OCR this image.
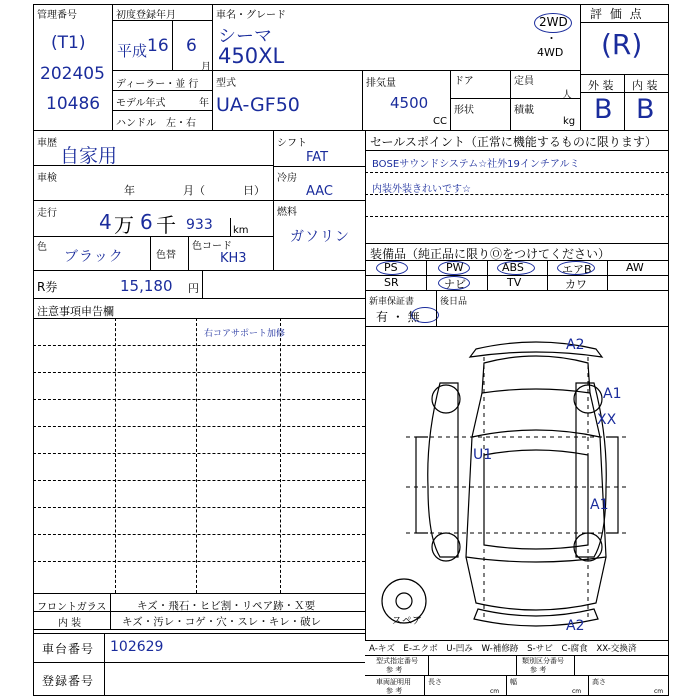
管理番号
(T1)
202405
10486
初度登録年月
平成 16 6
月
ディーラー・並 行
モデル年式	年
ハンドル　左・右
車名・グレード
シーマ
450XL
2WD
・
4WD
型式
UA-GF50
排気量
4500
CC
ドア	定員
人
形状	積載
kg
評 価 点
(R)
外 装 内 装
B B
車歴
自家用
車検
年	月（	日）
走行 4 万 6 千 933 km
色
ブラック	色替
色コード
KH3
シフト
FAT
冷房
AAC
燃料
ガソリン
R券	15,180 円
セールスポイント（正常に機能するものに限ります）
BOSEサウンドシステム☆社外19インチアルミ
内装外装きれいです☆
装備品（純正品に限りⓄをつけてください）
PS	PW	ABS	エアB	AW
SR	ナビ	TV	カワ
新車保証書
有 ・ 無
後日品
注意事項申告欄
右コアサポート加修
A2
A1
XX
U1
A1
A2
スペア
フロントガラス	キズ・飛石・ヒビ割・リペア跡・Ｘ要
内 装	キズ・汚レ・コゲ・穴・スレ・キレ・破レ
車台番号 102629
登録番号
A-キズ　E-エクボ　U-凹み　W-補修跡　S-サビ　C-腐食　XX-交換済
型式指定番号
参 考
類別区分番号
参 考
車両証明用
参 考
長さ
cm
幅
cm
高さ
cm
